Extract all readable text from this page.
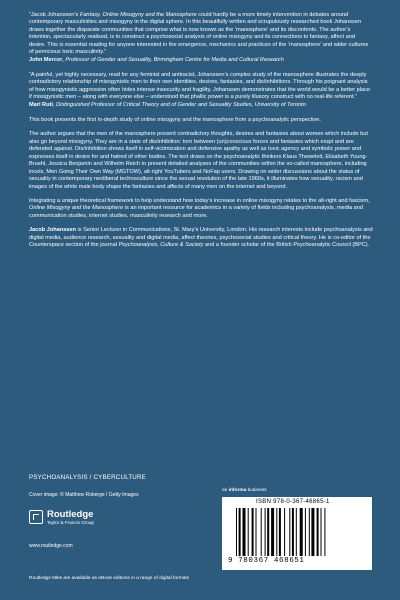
“Jacob Johanssen’s Fantasy, Online Misogyny and the Manosphere could hardly be a more timely intervention in debates around contemporary masculinities and misogyny in the digital sphere. In this beautifully written and scrupulously researched book Johanssen draws together the disparate communities that comprise what is now known as the ‘manosphere’ and its discontents. The author’s intention, spectacularly realised, is to construct a psychosocial analysis of online misogyny and its connections to fantasy, affect and desire. This is essential reading for anyone interested in the emergence, mechanics and practices of the ‘manosphere’ and wider cultures of pernicious toxic masculinity.”

John Mercer, Professor of Gender and Sexuality, Birmingham Centre for Media and Cultural Research

“A painful, yet highly necessary, read for any feminist and antiracist, Johanssen’s complex study of the manosphere illustrates the deeply contradictory relationship of misogynistic men to their own identities, desires, fantasies, and dis/inhibitions. Through his poignant analysis of how misogynistic aggression often hides intense insecurity and fragility, Johanssen demonstrates that the world would be a better place if misogynistic men – along with everyone else – understood that phallic power is a purely illusory construct with no real-life referent.”

Mari Ruti, Distinguished Professor of Critical Theory and of Gender and Sexuality Studies, University of Toronto

This book presents the first in-depth study of online misogyny and the manosphere from a psychoanalytic perspective.

The author argues that the men of the manosphere present contradictory thoughts, desires and fantasies about women which include but also go beyond misogyny. They are in a state of dis/inhibition: torn between (un)conscious forces and fantasies which erupt and are defended against. Dis/inhibition shows itself in self-victimization and defensive apathy as well as toxic agency and symbolic power and expresses itself in desire for and hatred of other bodies. The text draws on the psychoanalytic thinkers Klaus Theweleit, Elisabeth Young-Bruehl, Jessica Benjamin and Wilhelm Reich to present detailed analyses of the communities within the so-called manosphere, including incels, Men Going Their Own Way (MGTOW), alt-right YouTubers and NoFap users. Drawing on wider discussions about the status of sexuality in contemporary neoliberal technoculture since the sexual revolution of the late 1960s, it illuminates how sexuality, racism and images of the white male body shape the fantasies and affects of many men on the internet and beyond.

Integrating a unique theoretical framework to help understand how today’s increase in online misogyny relates to the alt-right and fascism, Online Misogyny and the Manosphere is an important resource for academics in a variety of fields including psychoanalysis, media and communication studies, internet studies, masculinity research and more.

Jacob Johanssen is Senior Lecturer in Communications, St. Mary’s University, London. His research interests include psychoanalysis and digital media, audience research, sexuality and digital media, affect theories, psychosocial studies and critical theory. He is co-editor of the Counterspace section of the journal Psychoanalysis, Culture & Society and a founder scholar of the British Psychoanalytic Council (BPC).

PSYCHOANALYSIS / CYBERCULTURE
Cover image: © Matthew Roberge / Getty Images
Routledge
Taylor & Francis Group
www.routledge.com
Routledge titles are available as eBook editions in a range of digital formats
an informa business
ISBN 978-0-367-46865-1
9 780367 468651
